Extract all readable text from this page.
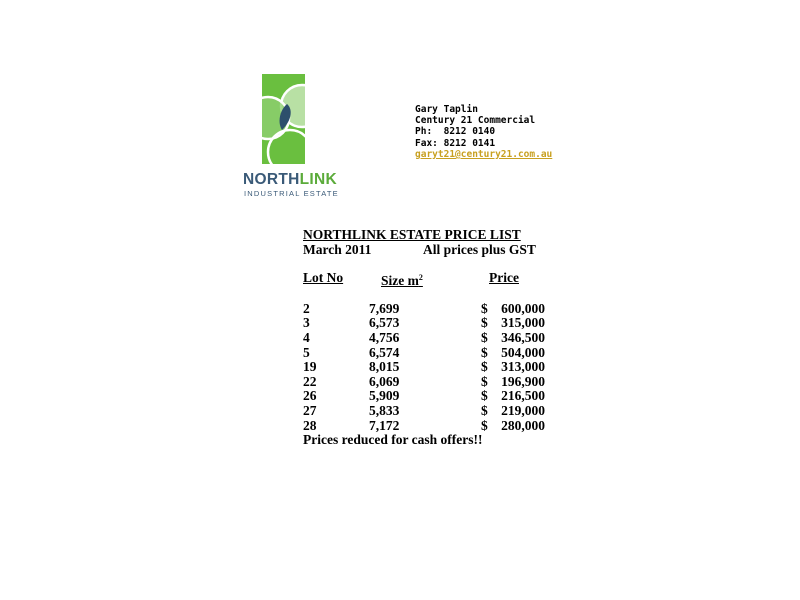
NORTHLINK
INDUSTRIAL ESTATE
Gary Taplin
Century 21 Commercial
Ph:  8212 0140
Fax: 8212 0141
garyt21@century21.com.au
NORTHLINK ESTATE PRICE LIST
March 2011	All prices plus GST
Lot No	Size $m^2$	Price
2	7,699	$ 600,000
3	6,573	$ 315,000
4	4,756	$ 346,500
5	6,574	$ 504,000
19	8,015	$ 313,000
22	6,069	$ 196,900
26	5,909	$ 216,500
27	5,833	$ 219,000
28	7,172	$ 280,000
Prices reduced for cash offers!!
